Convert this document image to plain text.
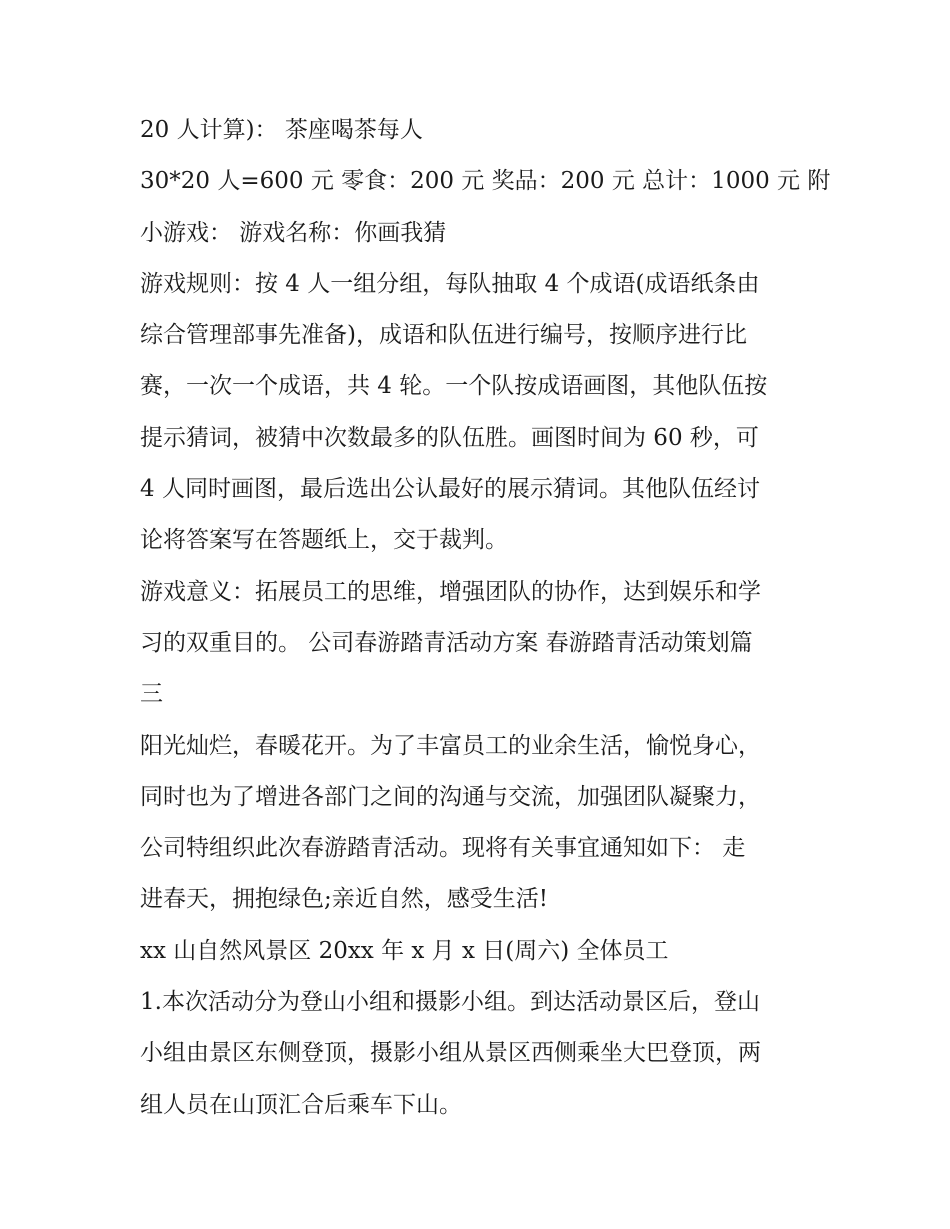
20 人计算)： 茶座喝茶每人
30*20 人=600 元 零食：200 元 奖品：200 元 总计：1000 元 附
小游戏： 游戏名称：你画我猜
游戏规则：按 4 人一组分组，每队抽取 4 个成语(成语纸条由
综合管理部事先准备)，成语和队伍进行编号，按顺序进行比
赛，一次一个成语，共 4 轮。一个队按成语画图，其他队伍按
提示猜词，被猜中次数最多的队伍胜。画图时间为 60 秒，可
4 人同时画图，最后选出公认最好的展示猜词。其他队伍经讨
论将答案写在答题纸上，交于裁判。
游戏意义：拓展员工的思维，增强团队的协作，达到娱乐和学
习的双重目的。 公司春游踏青活动方案 春游踏青活动策划篇
三
阳光灿烂，春暖花开。为了丰富员工的业余生活，愉悦身心，
同时也为了增进各部门之间的沟通与交流，加强团队凝聚力，
公司特组织此次春游踏青活动。现将有关事宜通知如下： 走
进春天，拥抱绿色;亲近自然，感受生活!
xx 山自然风景区 20xx 年 x 月 x 日(周六) 全体员工
1.本次活动分为登山小组和摄影小组。到达活动景区后，登山
小组由景区东侧登顶，摄影小组从景区西侧乘坐大巴登顶，两
组人员在山顶汇合后乘车下山。
